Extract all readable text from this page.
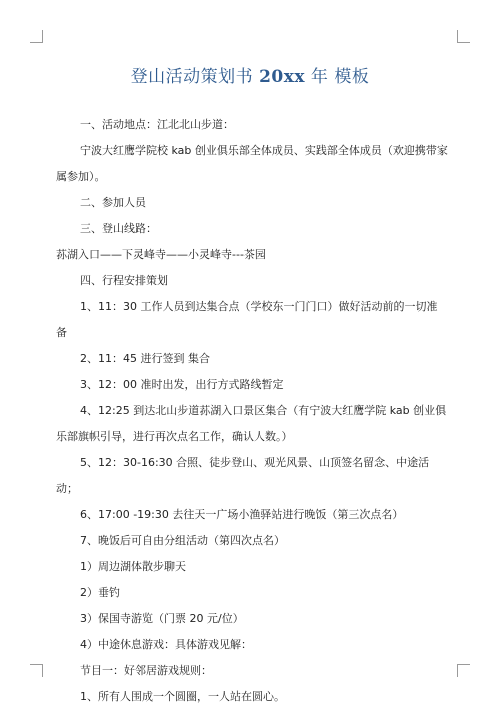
登山活动策划书 20xx 年 模板

一、活动地点：江北北山步道：

宁波大红鹰学院校 kab 创业俱乐部全体成员、实践部全体成员（欢迎携带家属参加）。

二、参加人员

三、登山线路：

荪湖入口——下灵峰寺——小灵峰寺---茶园

四、行程安排策划

1、11：30 工作人员到达集合点（学校东一门门口）做好活动前的一切准备

2、11：45 进行签到 集合

3、12：00 准时出发，出行方式路线暂定

4、12:25 到达北山步道荪湖入口景区集合（有宁波大红鹰学院 kab 创业俱乐部旗帜引导，进行再次点名工作，确认人数。）

5、12：30-16:30 合照、徒步登山、观光风景、山顶签名留念、中途活动；

6、17:00 -19:30 去往天一广场小渔驿站进行晚饭（第三次点名）

7、晚饭后可自由分组活动（第四次点名）

1）周边湖体散步聊天

2）垂钓

3）保国寺游览（门票 20 元/位）

4）中途休息游戏：具体游戏见解：

节目一：好邻居游戏规则：

1、所有人围成一个圆圈，一人站在圆心。
